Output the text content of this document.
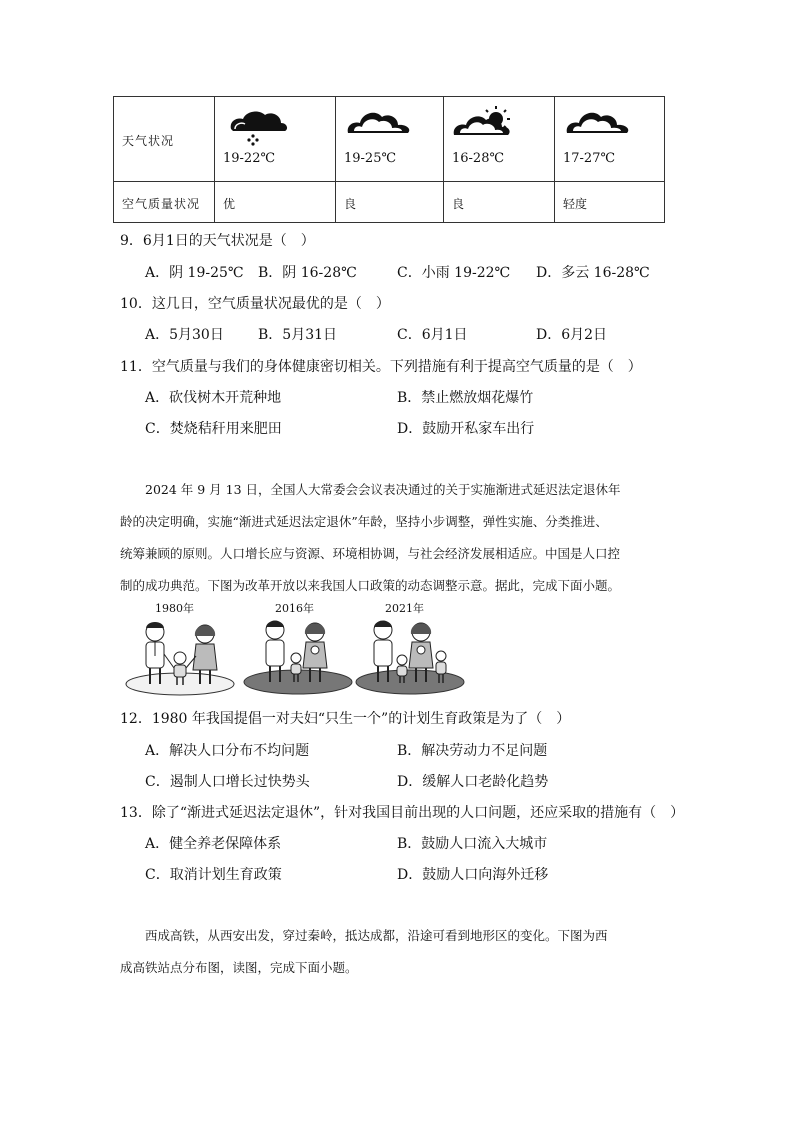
天气状况	19-22℃	19-25℃	16-28℃	17-27℃

空气质量状况	优	良	良	轻度
9．6月1日的天气状况是（　）
A．阴 19-25℃ B．阴 16-28℃	C．小雨 19-22℃ D．多云 16-28℃
10．这几日，空气质量状况最优的是（　）
A．5月30日 B．5月31日	C．6月1日	D．6月2日
11．空气质量与我们的身体健康密切相关。下列措施有利于提高空气质量的是（　）
A．砍伐树木开荒种地	B．禁止燃放烟花爆竹
C．焚烧秸秆用来肥田	D．鼓励开私家车出行

　　2024 年 9 月 13 日，全国人大常委会会议表决通过的关于实施渐进式延迟法定退休年

龄的决定明确，实施“渐进式延迟法定退休”年龄，坚持小步调整，弹性实施、分类推进、

统筹兼顾的原则。人口增长应与资源、环境相协调，与社会经济发展相适应。中国是人口控

制的成功典范。下图为改革开放以来我国人口政策的动态调整示意。据此，完成下面小题。

1980年	2016年	2021年
12．1980 年我国提倡一对夫妇“只生一个”的计划生育政策是为了（　）
A．解决人口分布不均问题	B．解决劳动力不足问题
C．遏制人口增长过快势头	D．缓解人口老龄化趋势
13．除了“渐进式延迟法定退休”，针对我国目前出现的人口问题，还应采取的措施有（　）
A．健全养老保障体系	B．鼓励人口流入大城市
C．取消计划生育政策	D．鼓励人口向海外迁移

　　西成高铁，从西安出发，穿过秦岭，抵达成都，沿途可看到地形区的变化。下图为西

成高铁站点分布图，读图，完成下面小题。
